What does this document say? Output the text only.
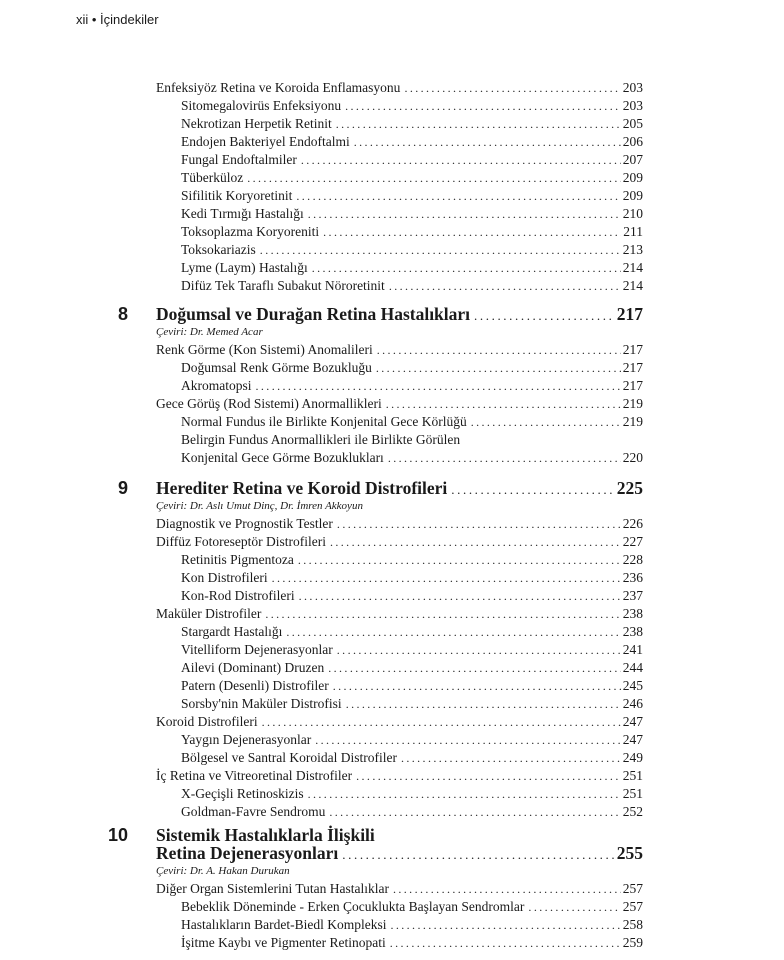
xii • İçindekiler
Enfeksiyöz Retina ve Koroida Enflamasyonu .....	203
Sitomegalovirüs Enfeksiyonu .....	203
Nekrotizan Herpetik Retinit .....	205
Endojen Bakteriyel Endoftalmi .....	206
Fungal Endoftalmiler .....	207
Tüberküloz .....	209
Sifilitik Koryoretinit .....	209
Kedi Tırmığı Hastalığı .....	210
Toksoplazma Koryoreniti .....	211
Toksokariazis .....	213
Lyme (Laym) Hastalığı .....	214
Difüz Tek Taraflı Subakut Nöroretinit .....	214
8 Doğumsal ve Durağan Retina Hastalıkları .....	217
Çeviri: Dr. Memed Acar
Renk Görme (Kon Sistemi) Anomalileri .....	217
Doğumsal Renk Görme Bozukluğu .....	217
Akromatopsi .....	217
Gece Görüş (Rod Sistemi) Anormallikleri .....	219
Normal Fundus ile Birlikte Konjenital Gece Körlüğü .....	219
Belirgin Fundus Anormallikleri ile Birlikte Görülen
Konjenital Gece Görme Bozuklukları .....	220
9 Herediter Retina ve Koroid Distrofileri .....	225
Çeviri: Dr. Aslı Umut Dinç, Dr. İmren Akkoyun
Diagnostik ve Prognostik Testler .....	226
Diffüz Fotoreseptör Distrofileri .....	227
Retinitis Pigmentoza .....	228
Kon Distrofileri .....	236
Kon-Rod Distrofileri .....	237
Maküler Distrofiler .....	238
Stargardt Hastalığı .....	238
Vitelliform Dejenerasyonlar .....	241
Ailevi (Dominant) Druzen .....	244
Patern (Desenli) Distrofiler .....	245
Sorsby'nin Maküler Distrofisi .....	246
Koroid Distrofileri .....	247
Yaygın Dejenerasyonlar .....	247
Bölgesel ve Santral Koroidal Distrofiler .....	249
İç Retina ve Vitreoretinal Distrofiler .....	251
X-Geçişli Retinoskizis .....	251
Goldman-Favre Sendromu .....	252
10 Sistemik Hastalıklarla İlişkili
Retina Dejenerasyonları .....	255
Çeviri: Dr. A. Hakan Durukan
Diğer Organ Sistemlerini Tutan Hastalıklar .....	257
Bebeklik Döneminde - Erken Çocuklukta Başlayan Sendromlar .....	257
Hastalıkların Bardet-Biedl Kompleksi .....	258
İşitme Kaybı ve Pigmenter Retinopati .....	259
